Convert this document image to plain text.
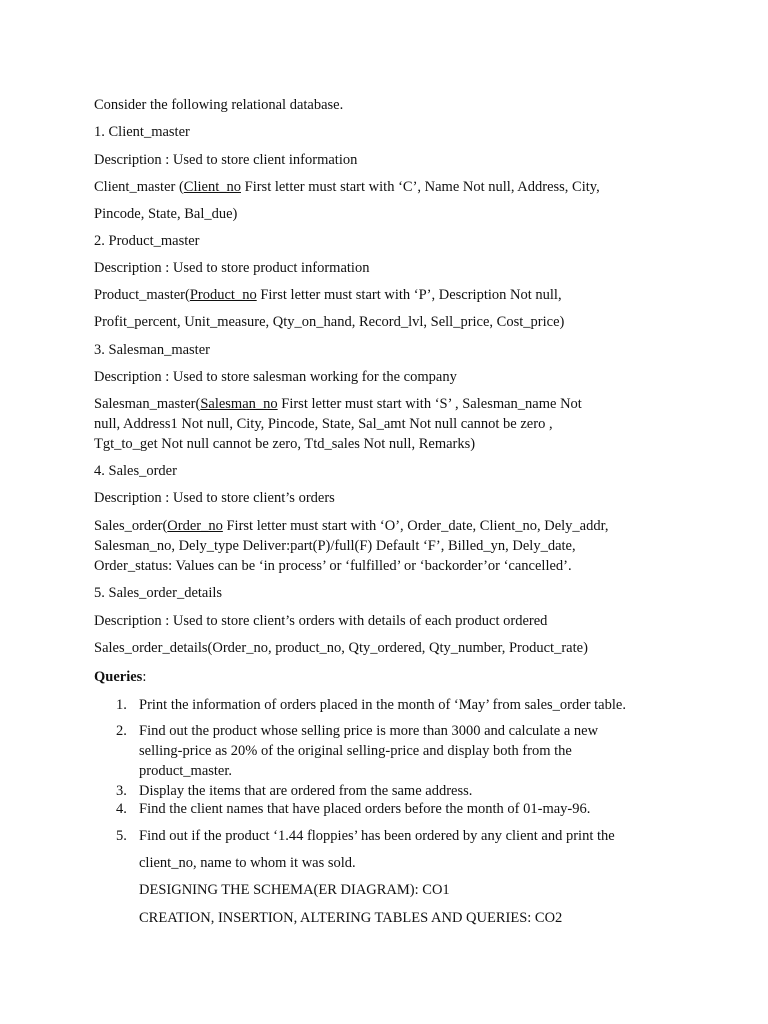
Consider the following relational database.
1. Client_master
Description : Used to store client information
Client_master (Client_no First letter must start with ‘C’, Name Not null, Address, City,
Pincode, State, Bal_due)
2. Product_master
Description : Used to store product information
Product_master(Product_no First letter must start with ‘P’, Description Not null,
Profit_percent, Unit_measure, Qty_on_hand, Record_lvl, Sell_price, Cost_price)
3. Salesman_master
Description : Used to store salesman working for the company
Salesman_master(Salesman_no First letter must start with ‘S’ , Salesman_name Not
null, Address1 Not null, City, Pincode, State, Sal_amt Not null cannot be zero ,
Tgt_to_get Not null cannot be zero, Ttd_sales Not null, Remarks)
4. Sales_order
Description : Used to store client’s orders
Sales_order(Order_no First letter must start with ‘O’, Order_date, Client_no, Dely_addr,
Salesman_no, Dely_type Deliver:part(P)/full(F) Default ‘F’, Billed_yn, Dely_date,
Order_status: Values can be ‘in process’ or ‘fulfilled’ or ‘backorder’or ‘cancelled’.
5. Sales_order_details
Description : Used to store client’s orders with details of each product ordered
Sales_order_details(Order_no, product_no, Qty_ordered, Qty_number, Product_rate)
Queries:
1. Print the information of orders placed in the month of ‘May’ from sales_order table.
2. Find out the product whose selling price is more than 3000 and calculate a new
selling-price as 20% of the original selling-price and display both from the
product_master.
3. Display the items that are ordered from the same address.
4. Find the client names that have placed orders before the month of 01-may-96.
5. Find out if the product ‘1.44 floppies’ has been ordered by any client and print the
client_no, name to whom it was sold.
DESIGNING THE SCHEMA(ER DIAGRAM): CO1
CREATION, INSERTION, ALTERING TABLES AND QUERIES: CO2
